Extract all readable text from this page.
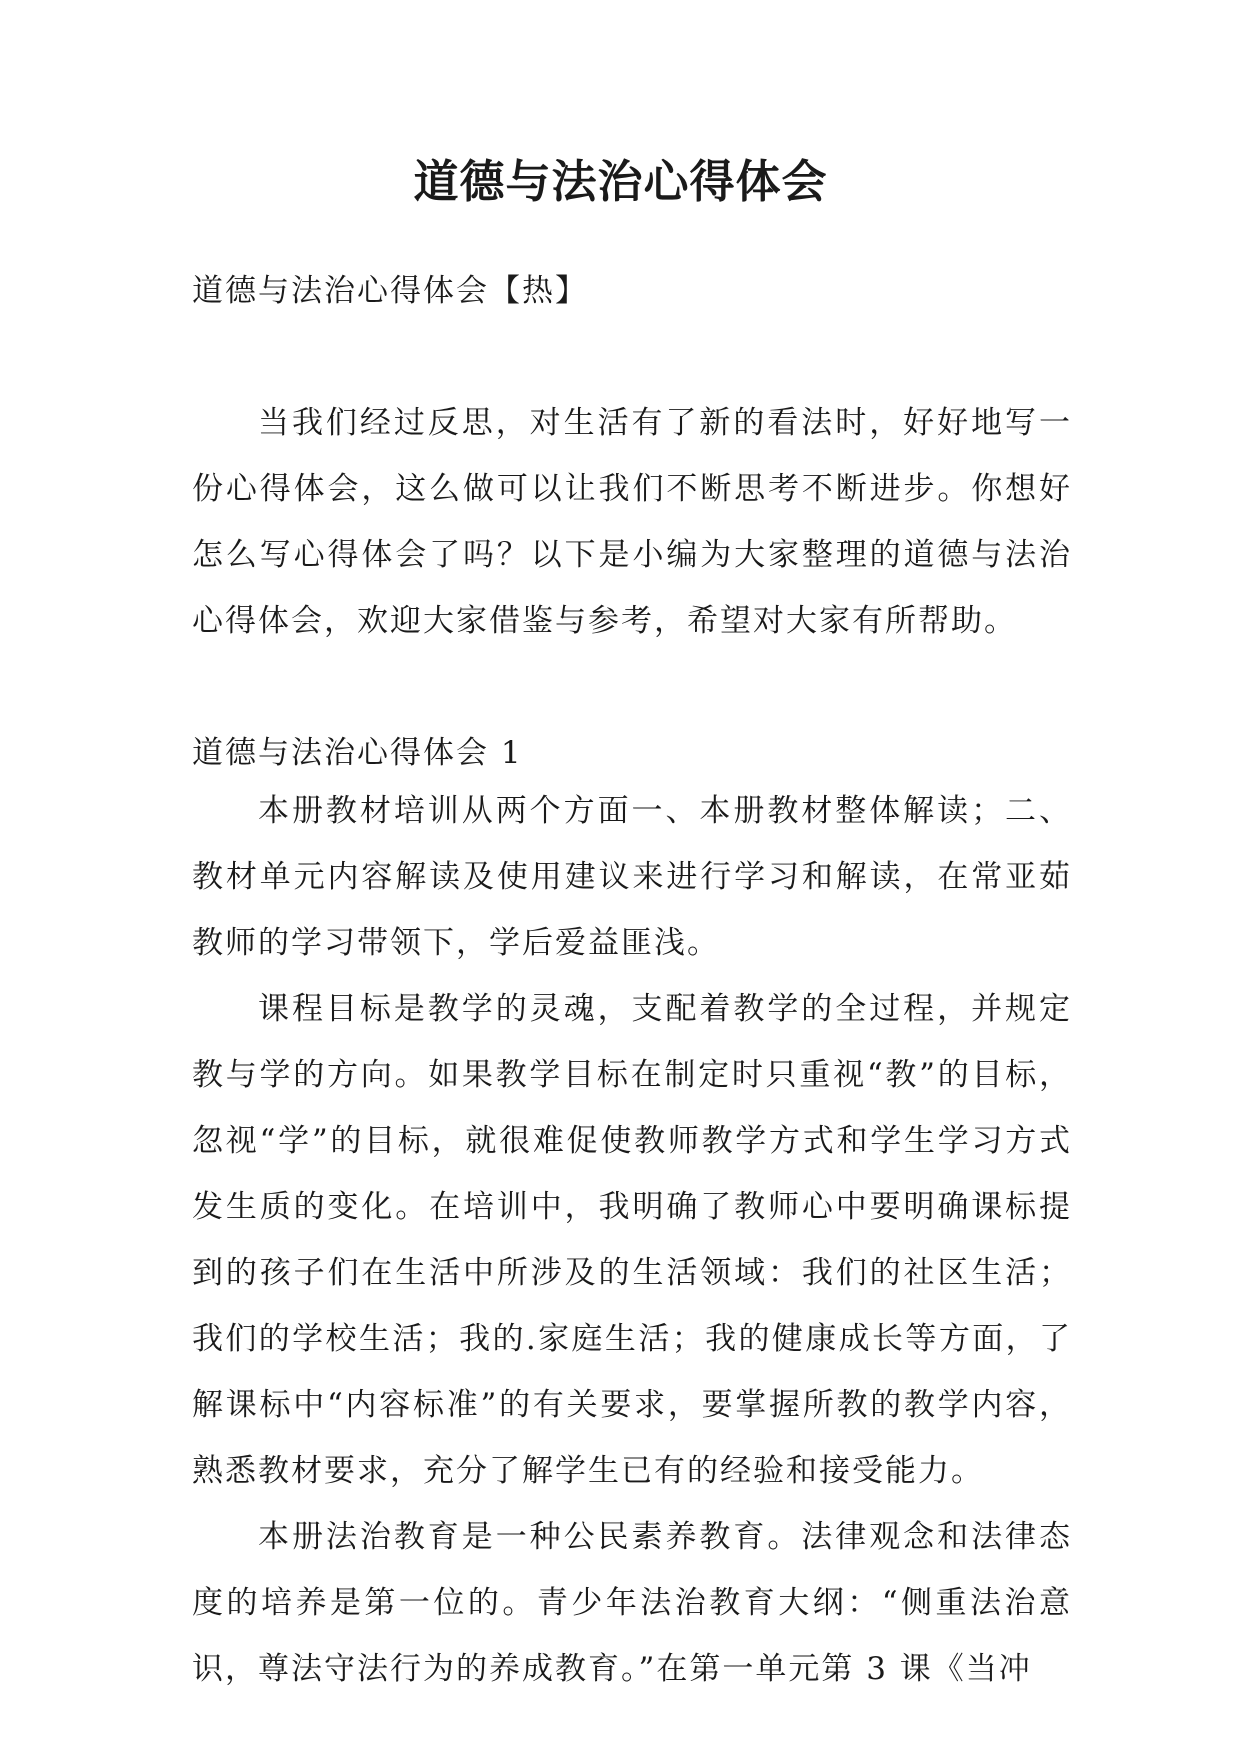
道德与法治心得体会

道德与法治心得体会【热】

当我们经过反思，对生活有了新的看法时，好好地写一份心得体会，这么做可以让我们不断思考不断进步。你想好怎么写心得体会了吗？以下是小编为大家整理的道德与法治心得体会，欢迎大家借鉴与参考，希望对大家有所帮助。

道德与法治心得体会 1

本册教材培训从两个方面一、本册教材整体解读；二、教材单元内容解读及使用建议来进行学习和解读，在常亚茹教师的学习带领下，学后爱益匪浅。

课程目标是教学的灵魂，支配着教学的全过程，并规定教与学的方向。如果教学目标在制定时只重视“教”的目标，忽视“学”的目标，就很难促使教师教学方式和学生学习方式发生质的变化。在培训中，我明确了教师心中要明确课标提到的孩子们在生活中所涉及的生活领域：我们的社区生活；我们的学校生活；我的.家庭生活；我的健康成长等方面，了解课标中“内容标准”的有关要求，要掌握所教的教学内容，熟悉教材要求，充分了解学生已有的经验和接受能力。

本册法治教育是一种公民素养教育。法律观念和法律态度的培养是第一位的。青少年法治教育大纲：“侧重法治意识，尊法守法行为的养成教育。”在第一单元第 3 课《当冲
